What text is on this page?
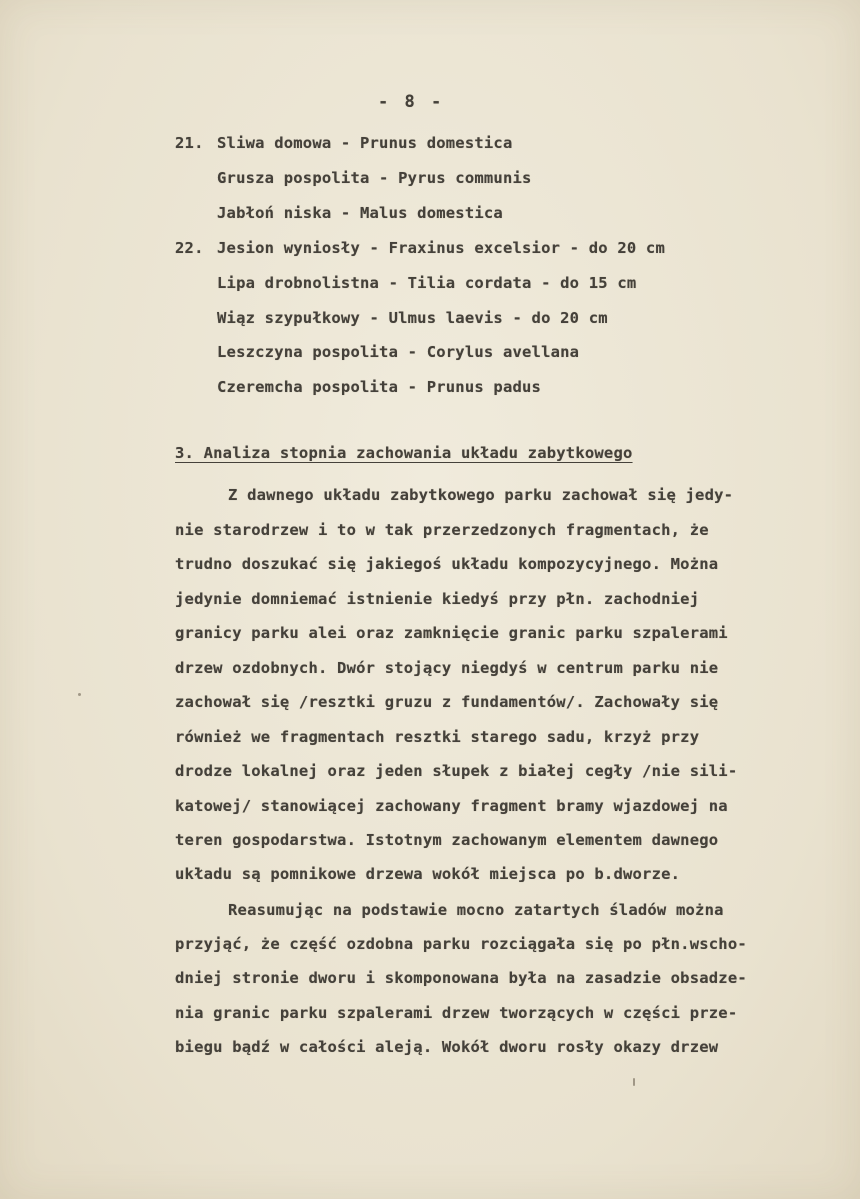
- 8 -
21. Sliwa domowa - Prunus domestica
Grusza pospolita - Pyrus communis
Jabłoń niska - Malus domestica
22. Jesion wyniosły - Fraxinus excelsior - do 20 cm
Lipa drobnolistna - Tilia cordata - do 15 cm
Wiąz szypułkowy - Ulmus laevis - do 20 cm
Leszczyna pospolita - Corylus avellana
Czeremcha pospolita - Prunus padus
3. Analiza stopnia zachowania układu zabytkowego
Z dawnego układu zabytkowego parku zachował się jedy-
nie starodrzew i to w tak przerzedzonych fragmentach, że
trudno doszukać się jakiegoś układu kompozycyjnego. Można
jedynie domniemać istnienie kiedyś przy płn. zachodniej
granicy parku alei oraz zamknięcie granic parku szpalerami
drzew ozdobnych. Dwór stojący niegdyś w centrum parku nie
zachował się /resztki gruzu z fundamentów/. Zachowały się
również we fragmentach resztki starego sadu, krzyż przy
drodze lokalnej oraz jeden słupek z białej cegły /nie sili-
katowej/ stanowiącej zachowany fragment bramy wjazdowej na
teren gospodarstwa. Istotnym zachowanym elementem dawnego
układu są pomnikowe drzewa wokół miejsca po b.dworze.
Reasumując na podstawie mocno zatartych śladów można
przyjąć, że część ozdobna parku rozciągała się po płn.wscho-
dniej stronie dworu i skomponowana była na zasadzie obsadze-
nia granic parku szpalerami drzew tworzących w części prze-
biegu bądź w całości aleją. Wokół dworu rosły okazy drzew
